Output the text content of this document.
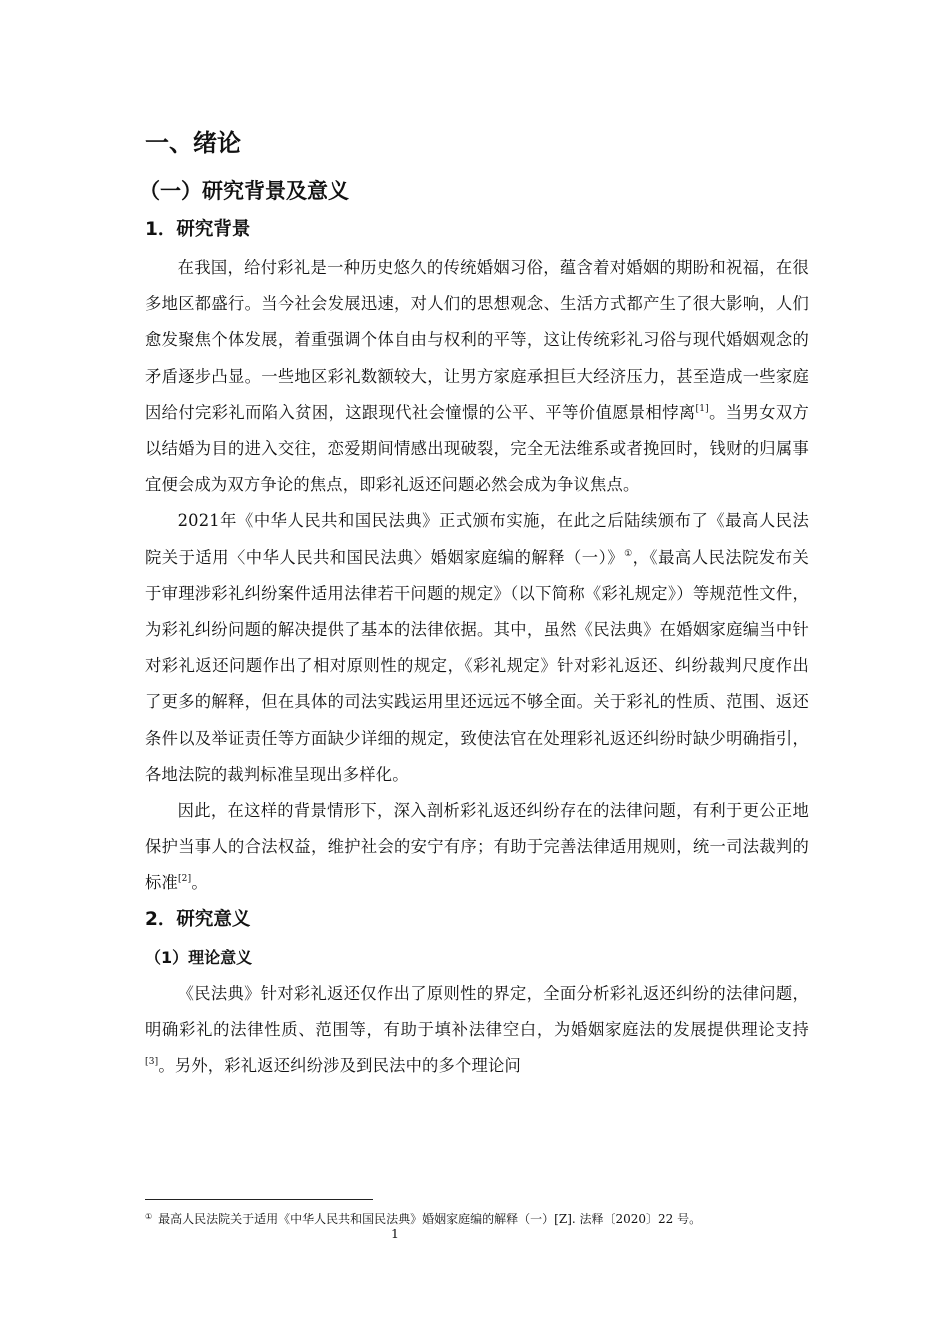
一、绪论
（一）研究背景及意义
1．研究背景

在我国，给付彩礼是一种历史悠久的传统婚姻习俗，蕴含着对婚姻的期盼和祝福，在很多地区都盛行。当今社会发展迅速，对人们的思想观念、生活方式都产生了很大影响，人们愈发聚焦个体发展，着重强调个体自由与权利的平等，这让传统彩礼习俗与现代婚姻观念的矛盾逐步凸显。一些地区彩礼数额较大，让男方家庭承担巨大经济压力，甚至造成一些家庭因给付完彩礼而陷入贫困，这跟现代社会憧憬的公平、平等价值愿景相悖离[1]。当男女双方以结婚为目的进入交往，恋爱期间情感出现破裂，完全无法维系或者挽回时，钱财的归属事宜便会成为双方争论的焦点，即彩礼返还问题必然会成为争议焦点。

2021年《中华人民共和国民法典》正式颁布实施，在此之后陆续颁布了《最高人民法院关于适用〈中华人民共和国民法典〉婚姻家庭编的解释（一）》①，《最高人民法院发布关于审理涉彩礼纠纷案件适用法律若干问题的规定》（以下简称《彩礼规定》）等规范性文件，为彩礼纠纷问题的解决提供了基本的法律依据。其中，虽然《民法典》在婚姻家庭编当中针对彩礼返还问题作出了相对原则性的规定，《彩礼规定》针对彩礼返还、纠纷裁判尺度作出了更多的解释，但在具体的司法实践运用里还远远不够全面。关于彩礼的性质、范围、返还条件以及举证责任等方面缺少详细的规定，致使法官在处理彩礼返还纠纷时缺少明确指引，各地法院的裁判标准呈现出多样化。

因此，在这样的背景情形下，深入剖析彩礼返还纠纷存在的法律问题，有利于更公正地保护当事人的合法权益，维护社会的安宁有序；有助于完善法律适用规则，统一司法裁判的标准[2]。

2．研究意义
（1）理论意义

《民法典》针对彩礼返还仅作出了原则性的界定，全面分析彩礼返还纠纷的法律问题，明确彩礼的法律性质、范围等，有助于填补法律空白，为婚姻家庭法的发展提供理论支持[3]。另外，彩礼返还纠纷涉及到民法中的多个理论问

① 最高人民法院关于适用《中华人民共和国民法典》婚姻家庭编的解释（一）[Z]. 法释〔2020〕22 号。
1
